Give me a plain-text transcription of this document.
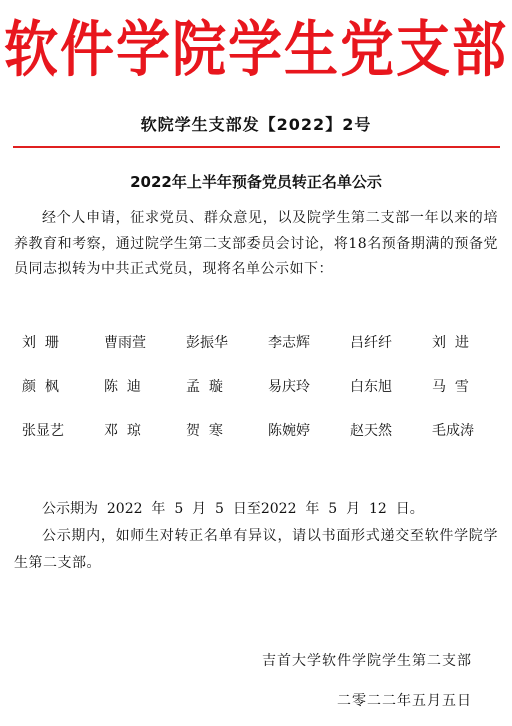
软件学院学生党支部
软院学生支部发【2022】2号
2022年上半年预备党员转正名单公示
经个人申请，征求党员、群众意见，以及院学生第二支部一年以来的培养教育和考察，通过院学生第二支部委员会讨论，将18名预备期满的预备党员同志拟转为中共正式党员，现将名单公示如下：
刘  珊	曹雨萱	彭振华	李志辉	吕纤纤	刘  进
颜  枫	陈  迪	孟  璇	易庆玲	白东旭	马  雪
张显艺	邓  琼	贺  寒	陈婉婷	赵天然	毛成涛
公示期为  2022  年  5  月  5  日至2022  年  5  月  12  日。
公示期内，如师生对转正名单有异议，请以书面形式递交至软件学院学生第二支部。
吉首大学软件学院学生第二支部
二零二二年五月五日
